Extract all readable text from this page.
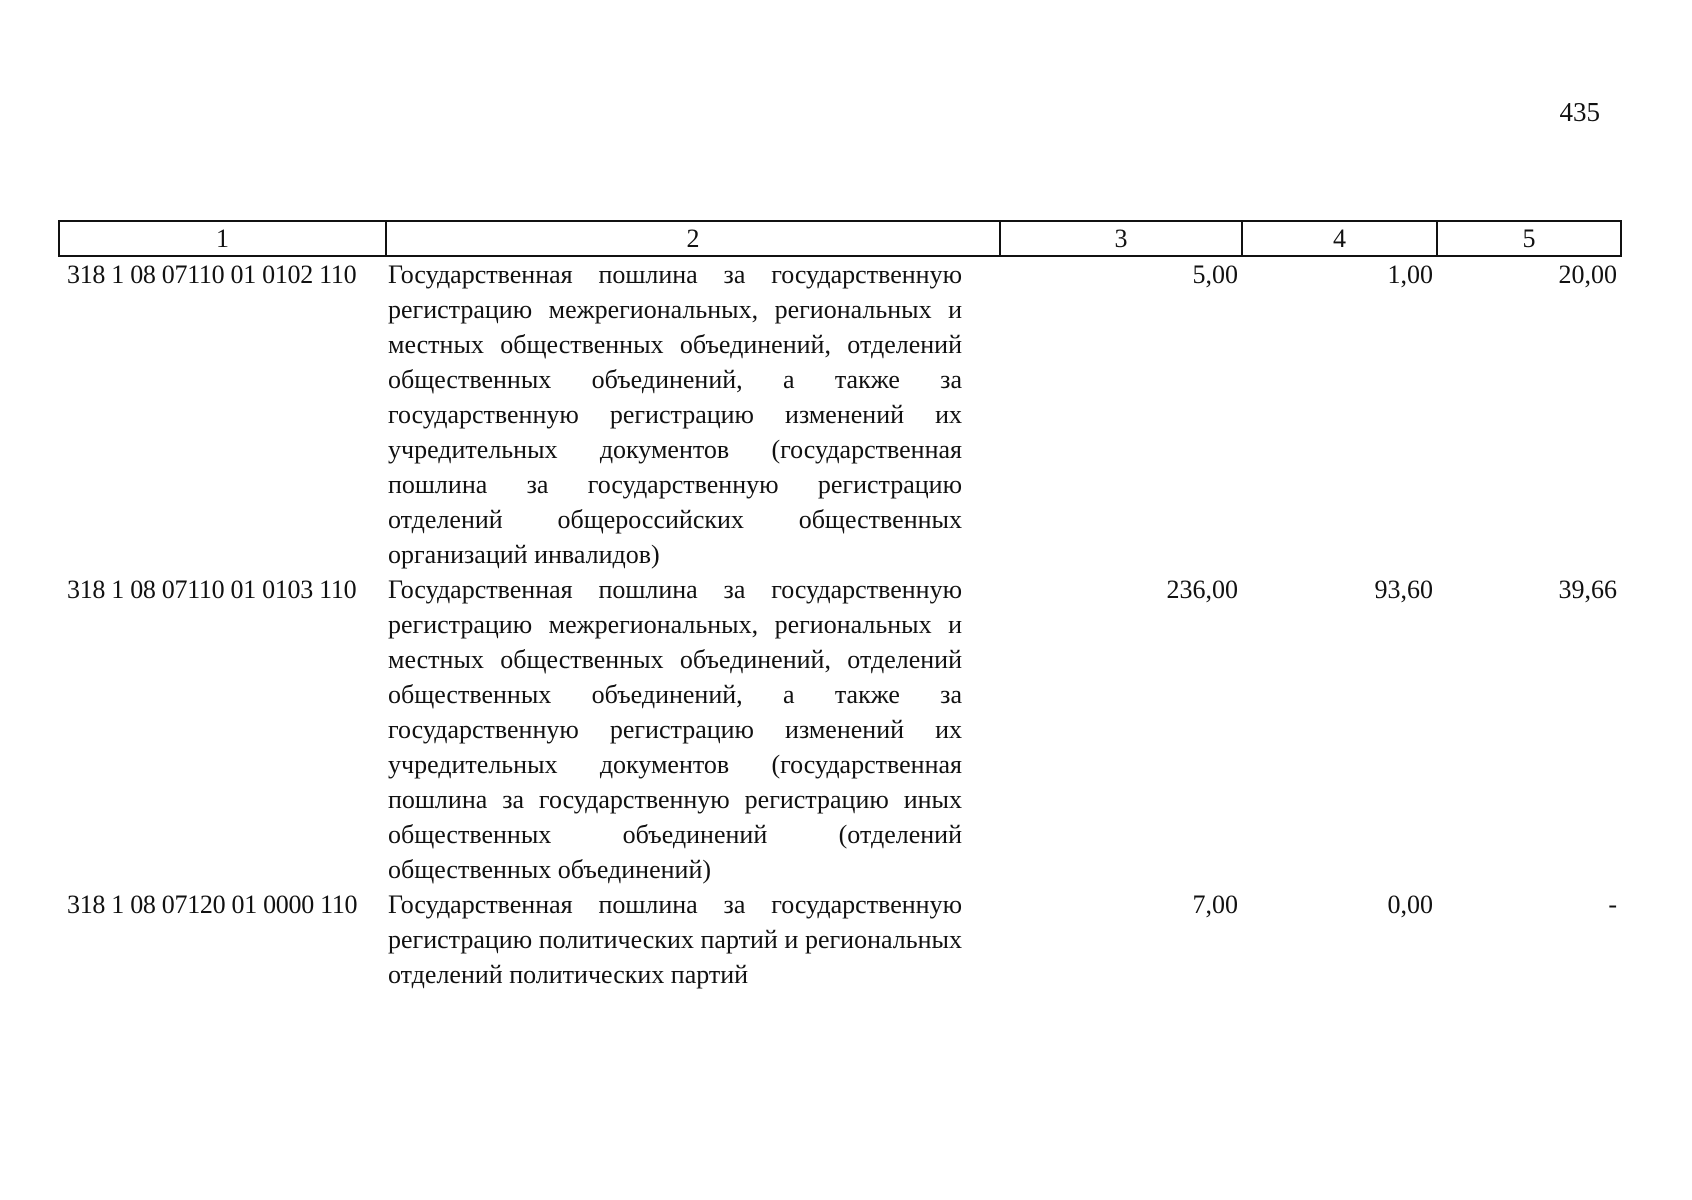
435
1	2	3	4	5
318 1 08 07110 01 0102 110	Государственная пошлина за государственную регистрацию межрегиональных, региональных и местных общественных объединений, отделений общественных объединений, а также за государственную регистрацию изменений их учредительных документов (государственная пошлина за государственную регистрацию отделений общероссийских общественных организаций инвалидов)	5,00	1,00	20,00
318 1 08 07110 01 0103 110	Государственная пошлина за государственную регистрацию межрегиональных, региональных и местных общественных объединений, отделений общественных объединений, а также за государственную регистрацию изменений их учредительных документов (государственная пошлина за государственную регистрацию иных общественных объединений (отделений общественных объединений)	236,00	93,60	39,66
318 1 08 07120 01 0000 110	Государственная пошлина за государственную регистрацию политических партий и региональных отделений политических партий	7,00	0,00	-
